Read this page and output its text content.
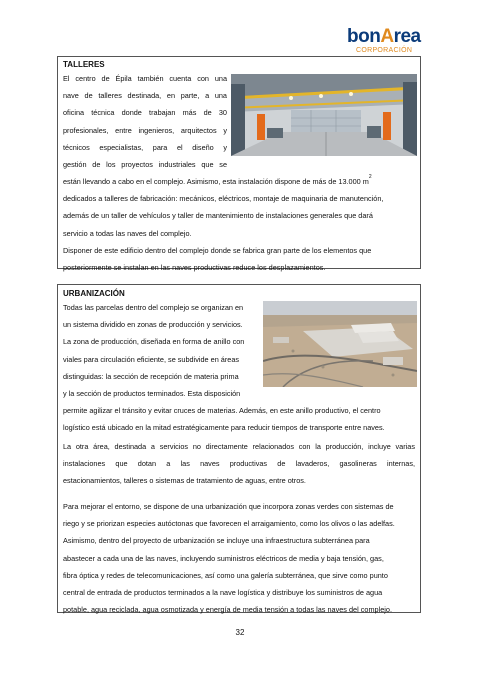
bonArea
CORPORACIÓN
TALLERES
El centro de Épila también cuenta con una
nave de talleres destinada, en parte, a una
oficina técnica donde trabajan más de 30
profesionales, entre ingenieros, arquitectos y
técnicos especialistas, para el diseño y
gestión de los proyectos industriales que se
están llevando a cabo en el complejo. Asimismo, esta instalación dispone de más de 13.000 $m^2$
dedicados a talleres de fabricación: mecánicos, eléctricos, montaje de maquinaria de manutención,
además de un taller de vehículos y taller de mantenimiento de instalaciones generales que dará
servicio a todas las naves del complejo.
Disponer de este edificio dentro del complejo donde se fabrica gran parte de los elementos que
posteriormente se instalan en las naves productivas reduce los desplazamientos.
URBANIZACIÓN
Todas las parcelas dentro del complejo se organizan en
un sistema dividido en zonas de producción y servicios.
La zona de producción, diseñada en forma de anillo con
viales para circulación eficiente, se subdivide en áreas
distinguidas: la sección de recepción de materia prima
y la sección de productos terminados. Esta disposición
permite agilizar el tránsito y evitar cruces de materias. Además, en este anillo productivo, el centro
logístico está ubicado en la mitad estratégicamente para reducir tiempos de transporte entre naves.
La otra área, destinada a servicios no directamente relacionados con la producción, incluye varias
instalaciones que dotan a las naves productivas de lavaderos, gasolineras internas,
estacionamientos, talleres o sistemas de tratamiento de aguas, entre otros.
Para mejorar el entorno, se dispone de una urbanización que incorpora zonas verdes con sistemas de
riego y se priorizan especies autóctonas que favorecen el arraigamiento, como los olivos o las adelfas.
Asimismo, dentro del proyecto de urbanización se incluye una infraestructura subterránea para
abastecer a cada una de las naves, incluyendo suministros eléctricos de media y baja tensión, gas,
fibra óptica y redes de telecomunicaciones, así como una galería subterránea, que sirve como punto
central de entrada de productos terminados a la nave logística y distribuye los suministros de agua
potable, agua reciclada, agua osmotizada y energía de media tensión a todas las naves del complejo.
32
